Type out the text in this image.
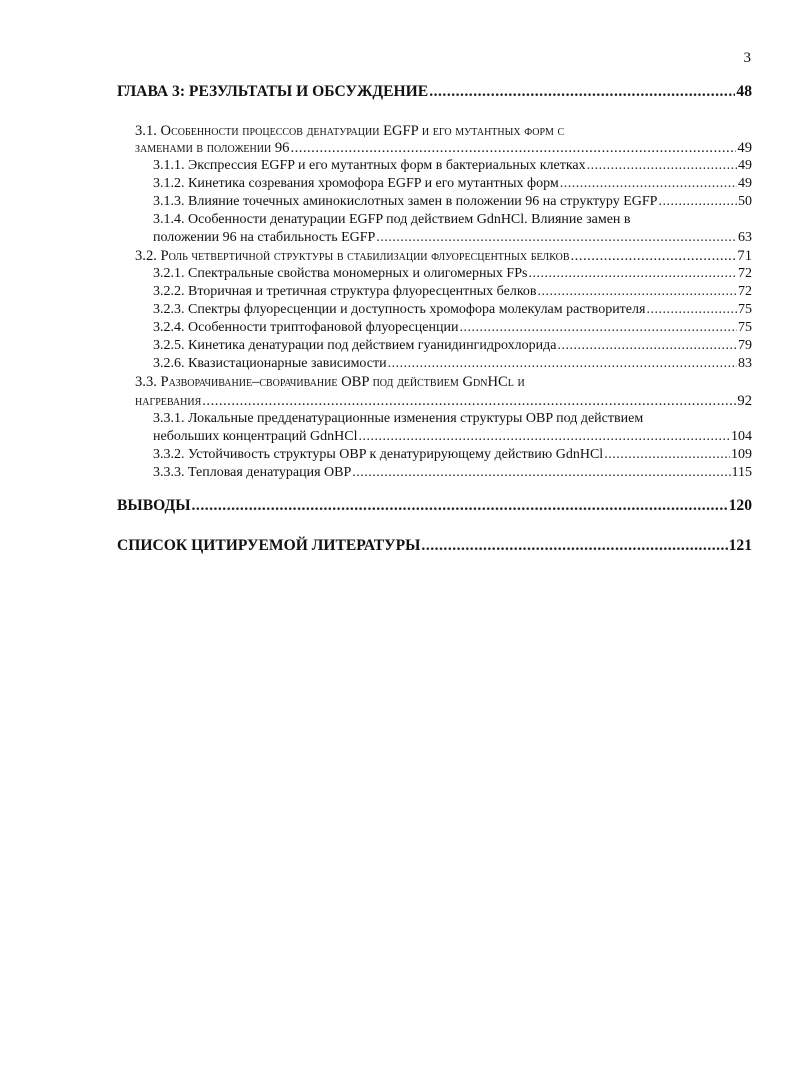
3
ГЛАВА 3: РЕЗУЛЬТАТЫ И ОБСУЖДЕНИЕ .....	48
3.1. Особенности процессов денатурации EGFP и его мутантных форм с
заменами в положении 96 .....	49
3.1.1. Экспрессия EGFP и его мутантных форм в бактериальных клетках .....	49
3.1.2. Кинетика созревания хромофора EGFP и его мутантных форм .....	49
3.1.3. Влияние точечных аминокислотных замен в положении 96 на структуру EGFP .....	50
3.1.4. Особенности денатурации EGFP под действием GdnHCl. Влияние замен в
положении 96 на стабильность EGFP .....	63
3.2. Роль четвертичной структуры в стабилизации флуоресцентных белков .....	71
3.2.1. Спектральные свойства мономерных и олигомерных FPs .....	72
3.2.2. Вторичная и третичная структура флуоресцентных белков .....	72
3.2.3. Спектры флуоресценции и доступность хромофора молекулам растворителя .....	75
3.2.4. Особенности триптофановой флуоресценции .....	75
3.2.5. Кинетика денатурации под действием гуанидингидрохлорида .....	79
3.2.6. Квазистационарные зависимости .....	83
3.3. Разворачивание–сворачивание OBP под действием GdnHCl и
нагревания .....	92
3.3.1. Локальные предденатурационные изменения структуры OBP под действием
небольших концентраций GdnHCl .....	104
3.3.2. Устойчивость структуры OBP к денатурирующему действию GdnHCl .....	109
3.3.3. Тепловая денатурация OBP .....	115
ВЫВОДЫ .....	120
СПИСОК ЦИТИРУЕМОЙ ЛИТЕРАТУРЫ .....	121
